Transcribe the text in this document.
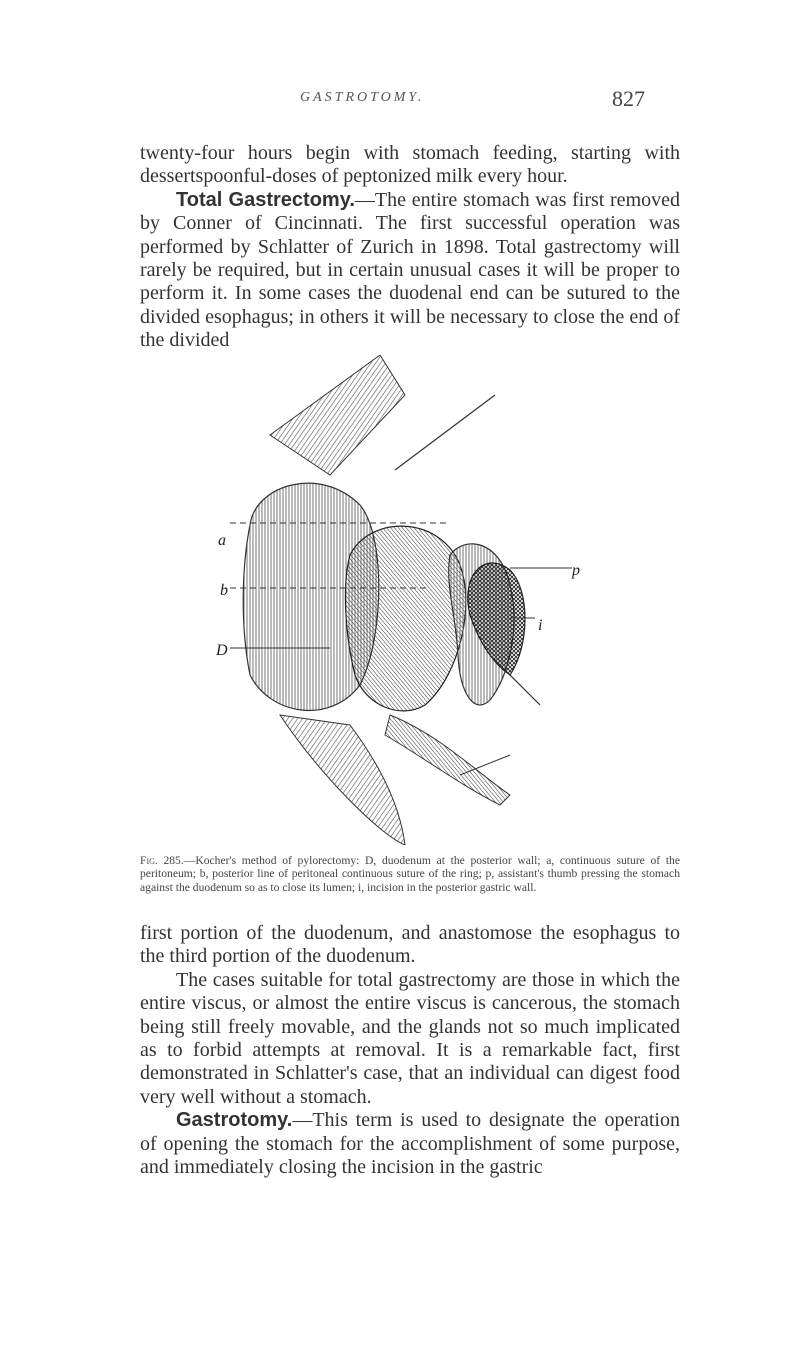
GASTROTOMY.	827

twenty-four hours begin with stomach feeding, starting with dessertspoonful-doses of peptonized milk every hour.

Total Gastrectomy.—The entire stomach was first removed by Conner of Cincinnati. The first successful operation was performed by Schlatter of Zurich in 1898. Total gastrectomy will rarely be required, but in certain unusual cases it will be proper to perform it. In some cases the duodenal end can be sutured to the divided esophagus; in others it will be necessary to close the end of the divided

a
b
D
p
i
Fig. 285.—Kocher's method of pylorectomy: D, duodenum at the posterior wall; a, continuous suture of the peritoneum; b, posterior line of peritoneal continuous suture of the ring; p, assistant's thumb pressing the stomach against the duodenum so as to close its lumen; i, incision in the posterior gastric wall.

first portion of the duodenum, and anastomose the esophagus to the third portion of the duodenum.

The cases suitable for total gastrectomy are those in which the entire viscus, or almost the entire viscus is cancerous, the stomach being still freely movable, and the glands not so much implicated as to forbid attempts at removal. It is a remarkable fact, first demonstrated in Schlatter's case, that an individual can digest food very well without a stomach.

Gastrotomy.—This term is used to designate the operation of opening the stomach for the accomplishment of some purpose, and immediately closing the incision in the gastric
